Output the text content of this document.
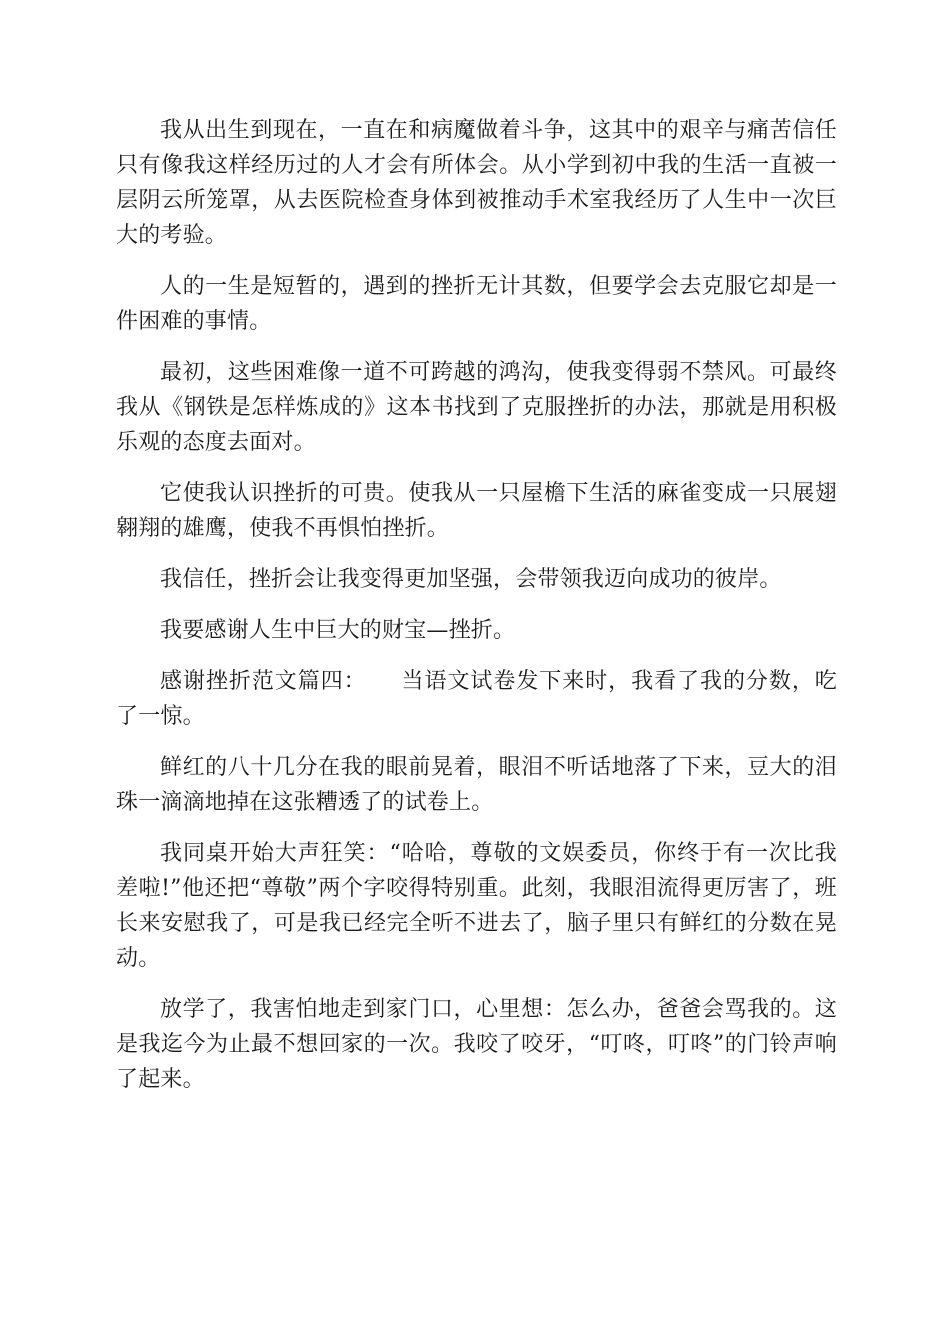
我从出生到现在，一直在和病魔做着斗争，这其中的艰辛与痛苦信任只有像我这样经历过的人才会有所体会。从小学到初中我的生活一直被一层阴云所笼罩，从去医院检查身体到被推动手术室我经历了人生中一次巨大的考验。

人的一生是短暂的，遇到的挫折无计其数，但要学会去克服它却是一件困难的事情。

最初，这些困难像一道不可跨越的鸿沟，使我变得弱不禁风。可最终我从《钢铁是怎样炼成的》这本书找到了克服挫折的办法，那就是用积极乐观的态度去面对。

它使我认识挫折的可贵。使我从一只屋檐下生活的麻雀变成一只展翅翱翔的雄鹰，使我不再惧怕挫折。

我信任，挫折会让我变得更加坚强，会带领我迈向成功的彼岸。

我要感谢人生中巨大的财宝—挫折。

感谢挫折范文篇四：　　当语文试卷发下来时，我看了我的分数，吃了一惊。

鲜红的八十几分在我的眼前晃着，眼泪不听话地落了下来，豆大的泪珠一滴滴地掉在这张糟透了的试卷上。

我同桌开始大声狂笑：“哈哈，尊敬的文娱委员，你终于有一次比我差啦!”他还把“尊敬”两个字咬得特别重。此刻，我眼泪流得更厉害了，班长来安慰我了，可是我已经完全听不进去了，脑子里只有鲜红的分数在晃动。

放学了，我害怕地走到家门口，心里想：怎么办，爸爸会骂我的。这是我迄今为止最不想回家的一次。我咬了咬牙，“叮咚，叮咚”的门铃声响了起来。
